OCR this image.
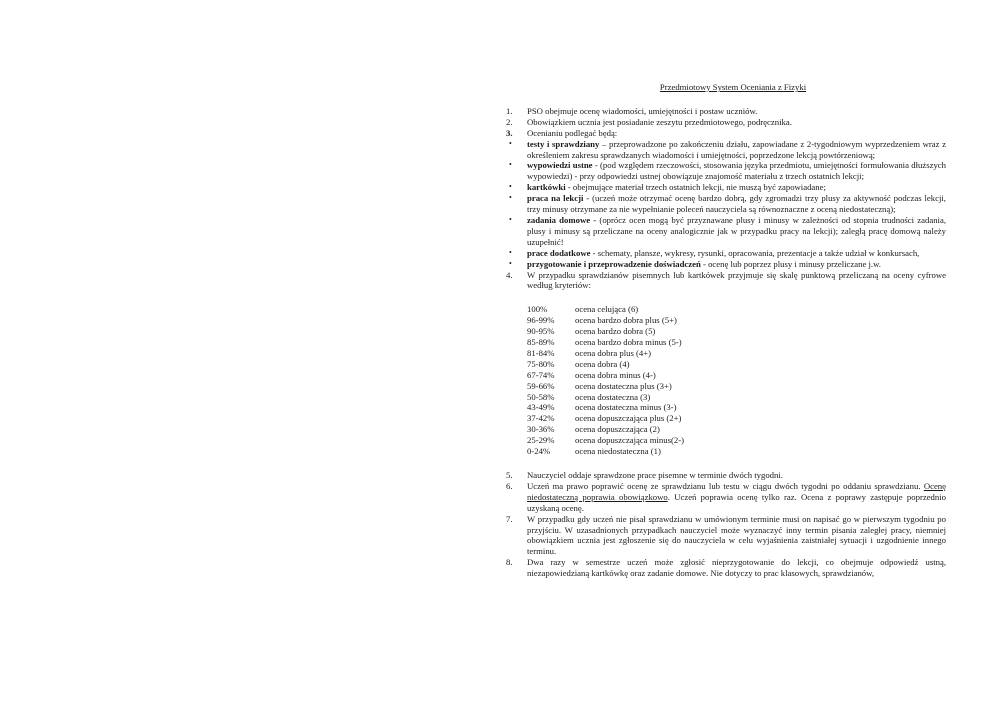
Przedmiotowy System Oceniania z Fizyki
1. PSO obejmuje ocenę wiadomości, umiejętności i postaw uczniów.
2. Obowiązkiem ucznia jest posiadanie zeszytu przedmiotowego, podręcznika.
3. Ocenianiu podlegać będą:
• testy i sprawdziany – przeprowadzone po zakończeniu działu, zapowiadane z 2-tygodniowym wyprzedzeniem wraz z określeniem zakresu sprawdzanych wiadomości i umiejętności, poprzedzone lekcją powtórzeniową;
• wypowiedzi ustne - (pod względem rzeczowości, stosowania języka przedmiotu, umiejętności formułowania dłuższych wypowiedzi) - przy odpowiedzi ustnej obowiązuje znajomość materiału z trzech ostatnich lekcji;
• kartkówki - obejmujące materiał trzech ostatnich lekcji, nie muszą być zapowiadane;
• praca na lekcji - (uczeń może otrzymać ocenę bardzo dobrą, gdy zgromadzi trzy plusy za aktywność podczas lekcji, trzy minusy otrzymane za nie wypełnianie poleceń nauczyciela są równoznaczne z oceną niedostateczną);
• zadania domowe - (oprócz ocen mogą być przyznawane plusy i minusy w zależności od stopnia trudności zadania, plusy i minusy są przeliczane na oceny analogicznie jak w przypadku pracy na lekcji); zaległą pracę domową należy uzupełnić!
• prace dodatkowe - schematy, plansze, wykresy, rysunki, opracowania, prezentacje a także udział w konkursach,
• przygotowanie i przeprowadzenie doświadczeń - ocenę lub poprzez plusy i minusy przeliczane j.w.
4. W przypadku sprawdzianów pisemnych lub kartkówek przyjmuje się skalę punktową przeliczaną na oceny cyfrowe według kryteriów:
100%	ocena celująca (6)
96-99%	ocena bardzo dobra plus (5+)
90-95%	ocena bardzo dobra (5)
85-89%	ocena bardzo dobra minus (5-)
81-84%	ocena dobra plus (4+)
75-80%	ocena dobra (4)
67-74%	ocena dobra minus (4-)
59-66%	ocena dostateczna plus (3+)
50-58%	ocena dostateczna (3)
43-49%	ocena dostateczna minus (3-)
37-42%	ocena dopuszczająca plus (2+)
30-36%	ocena dopuszczająca (2)
25-29%	ocena dopuszczająca minus(2-)
0-24%	ocena niedostateczna (1)
5. Nauczyciel oddaje sprawdzone prace pisemne w terminie dwóch tygodni.
6. Uczeń ma prawo poprawić ocenę ze sprawdzianu lub testu w ciągu dwóch tygodni po oddaniu sprawdzianu. Ocenę niedostateczną poprawia obowiązkowo. Uczeń poprawia ocenę tylko raz. Ocena z poprawy zastępuje poprzednio uzyskaną ocenę.
7. W przypadku gdy uczeń nie pisał sprawdzianu w umówionym terminie musi on napisać go w pierwszym tygodniu po przyjściu. W uzasadnionych przypadkach nauczyciel może wyznaczyć inny termin pisania zaległej pracy, niemniej obowiązkiem ucznia jest zgłoszenie się do nauczyciela w celu wyjaśnienia zaistniałej sytuacji i uzgodnienie innego terminu.
8. Dwa razy w semestrze uczeń może zgłosić nieprzygotowanie do lekcji, co obejmuje odpowiedź ustną, niezapowiedzianą kartkówkę oraz zadanie domowe. Nie dotyczy to prac klasowych, sprawdzianów,
